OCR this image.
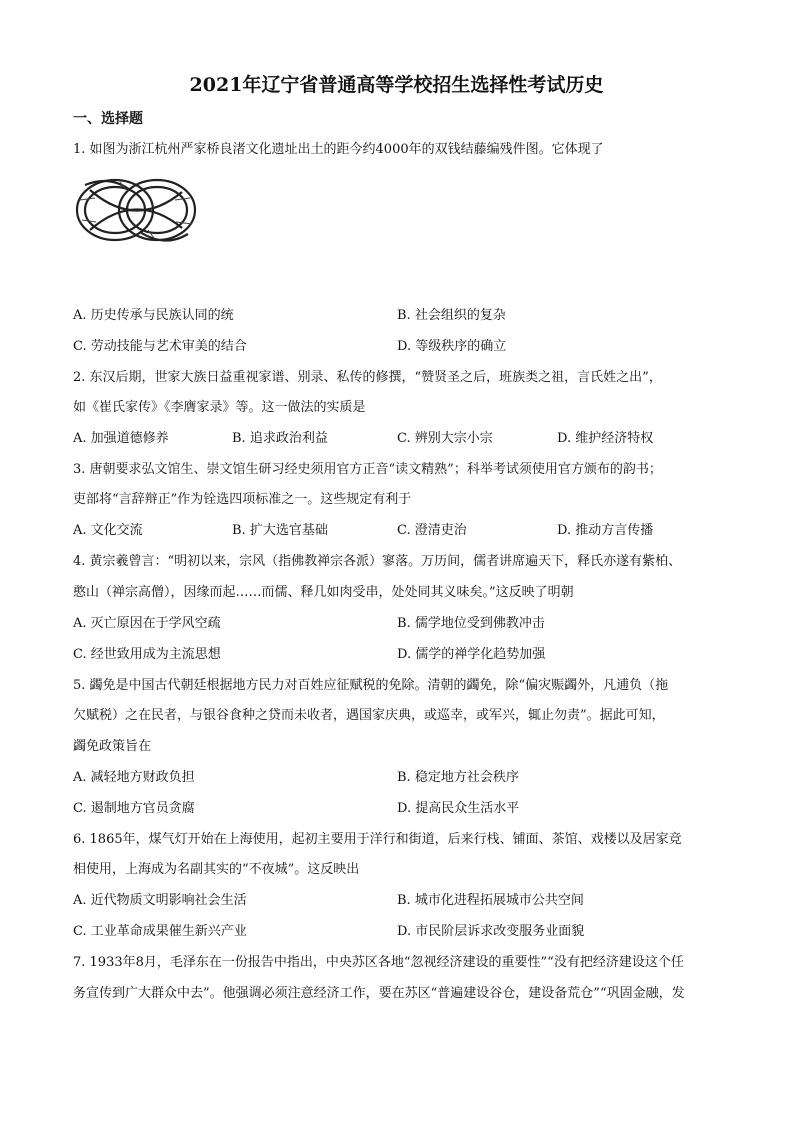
2021年辽宁省普通高等学校招生选择性考试历史
一、选择题
1. 如图为浙江杭州严家桥良渚文化遗址出土的距今约4000年的双钱结藤编残件图。它体现了
A. 历史传承与民族认同的统	B. 社会组织的复杂
C. 劳动技能与艺术审美的结合	D. 等级秩序的确立
2. 东汉后期，世家大族日益重视家谱、别录、私传的修撰，“赞贤圣之后，班族类之祖，言氏姓之出”，
如《崔氏家传》《李膺家录》等。这一做法的实质是
A. 加强道德修养	B. 追求政治利益	C. 辨别大宗小宗	D. 维护经济特权
3. 唐朝要求弘文馆生、崇文馆生研习经史须用官方正音“读文精熟”；科举考试须使用官方颁布的韵书；
吏部将“言辞辩正”作为铨选四项标准之一。这些规定有利于
A. 文化交流	B. 扩大选官基础	C. 澄清吏治	D. 推动方言传播
4. 黄宗羲曾言：“明初以来，宗风（指佛教禅宗各派）寥落。万历间，儒者讲席遍天下，释氏亦遂有紫柏、
憨山（禅宗高僧），因缘而起……而儒、释几如肉受串，处处同其义味矣。”这反映了明朝
A. 灭亡原因在于学风空疏	B. 儒学地位受到佛教冲击
C. 经世致用成为主流思想	D. 儒学的禅学化趋势加强
5. 蠲免是中国古代朝廷根据地方民力对百姓应征赋税的免除。清朝的蠲免，除“偏灾赈蠲外，凡逋负（拖
欠赋税）之在民者，与银谷食种之贷而未收者，遇国家庆典，或巡幸，或军兴，辄止勿责”。据此可知，
蠲免政策旨在
A. 减轻地方财政负担	B. 稳定地方社会秩序
C. 遏制地方官员贪腐	D. 提高民众生活水平
6. 1865年，煤气灯开始在上海使用，起初主要用于洋行和街道，后来行栈、铺面、茶馆、戏楼以及居家竞
相使用，上海成为名副其实的“不夜城”。这反映出
A. 近代物质文明影响社会生活	B. 城市化进程拓展城市公共空间
C. 工业革命成果催生新兴产业	D. 市民阶层诉求改变服务业面貌
7. 1933年8月，毛泽东在一份报告中指出，中央苏区各地“忽视经济建设的重要性”“没有把经济建设这个任
务宣传到广大群众中去”。他强调必须注意经济工作，要在苏区“普遍建设谷仓，建设备荒仓”“巩固金融，发
